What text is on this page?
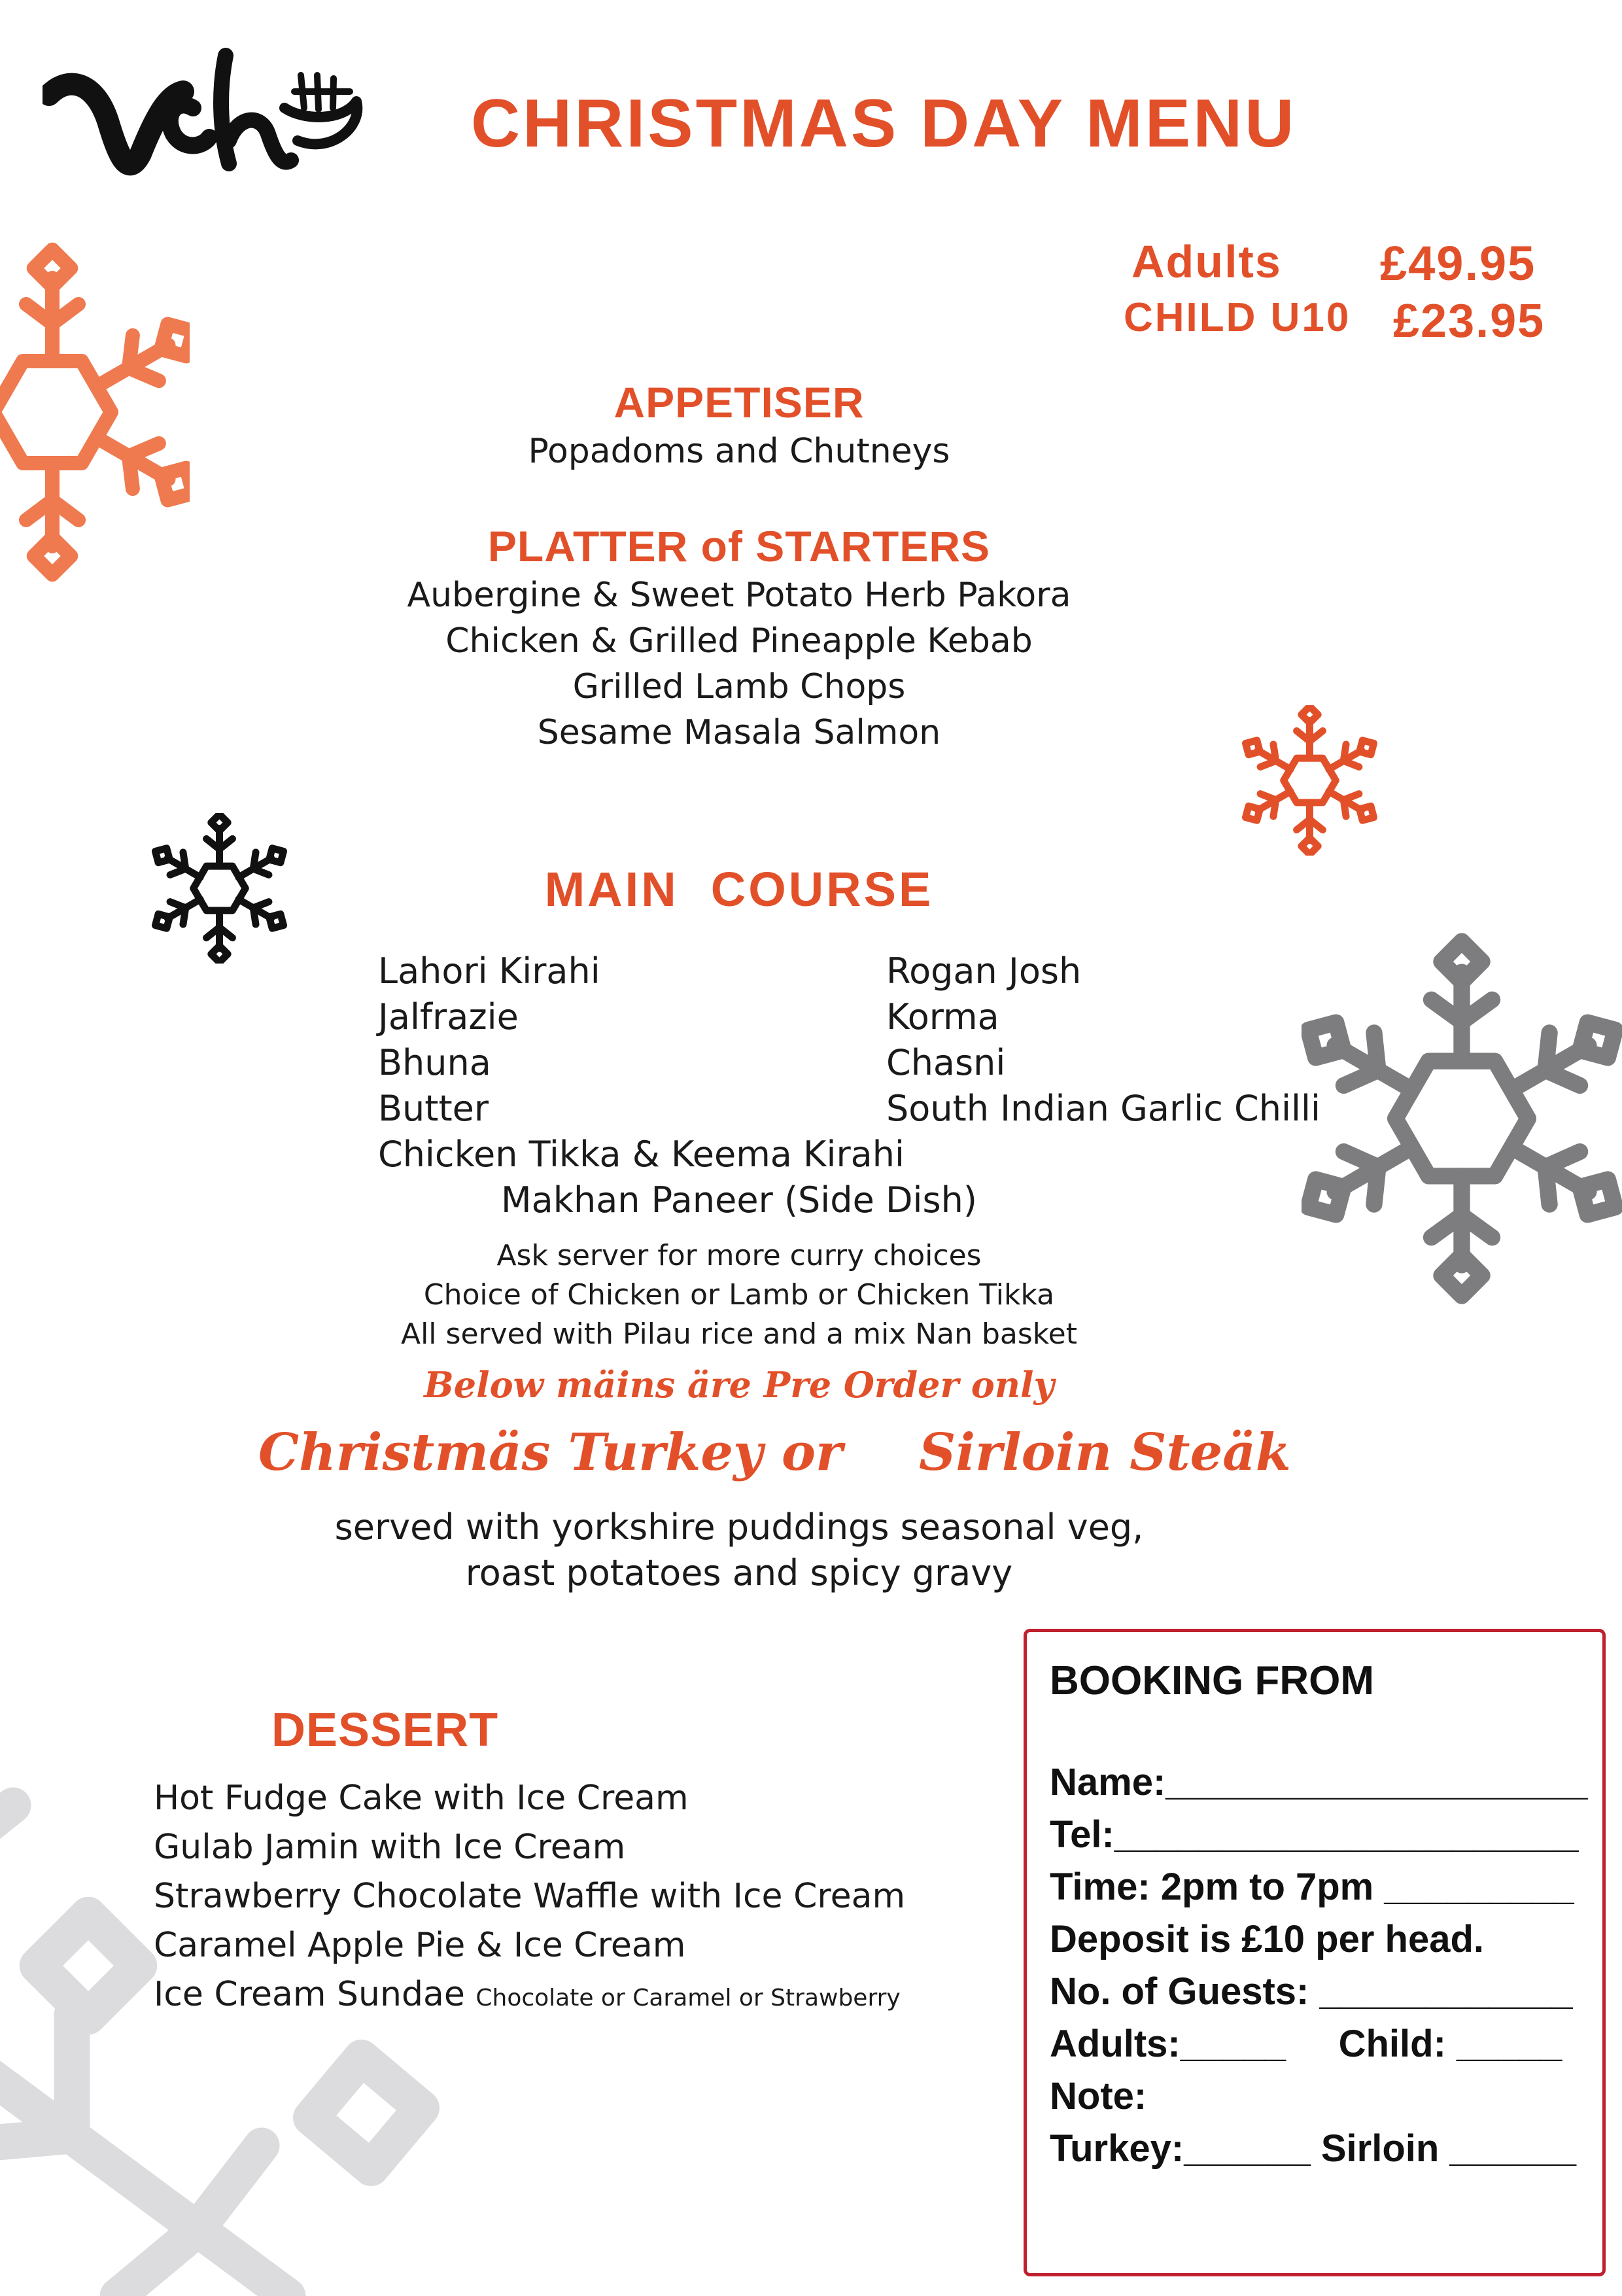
CHRISTMAS DAY MENU
Adults £49.95
CHILD U10 £23.95
APPETISER
Popadoms and Chutneys
PLATTER of STARTERS
Aubergine & Sweet Potato Herb Pakora
Chicken & Grilled Pineapple Kebab
Grilled Lamb Chops
Sesame Masala Salmon
MAIN  COURSE
Lahori Kirahi
Jalfrazie
Bhuna
Butter
Chicken Tikka & Keema Kirahi
Rogan Josh
Korma
Chasni
South Indian Garlic Chilli
Makhan Paneer (Side Dish)
Ask server for more curry choices
Choice of Chicken or Lamb or Chicken Tikka
All served with Pilau rice and a mix Nan basket
Below mäins äre Pre Order only
Christmäs Turkey or Sirloin Steäk
served with yorkshire puddings seasonal veg,
roast potatoes and spicy gravy
DESSERT
Hot Fudge Cake with Ice Cream
Gulab Jamin with Ice Cream
Strawberry Chocolate Waffle with Ice Cream
Caramel Apple Pie & Ice Cream
Ice Cream Sundae Chocolate or Caramel or Strawberry
BOOKING FROM
Name:____________________
Tel:______________________
Time: 2pm to 7pm _________
Deposit is £10 per head.
No. of Guests: ____________
Adults:_____     Child: _____
Note:
Turkey:______ Sirloin ______
